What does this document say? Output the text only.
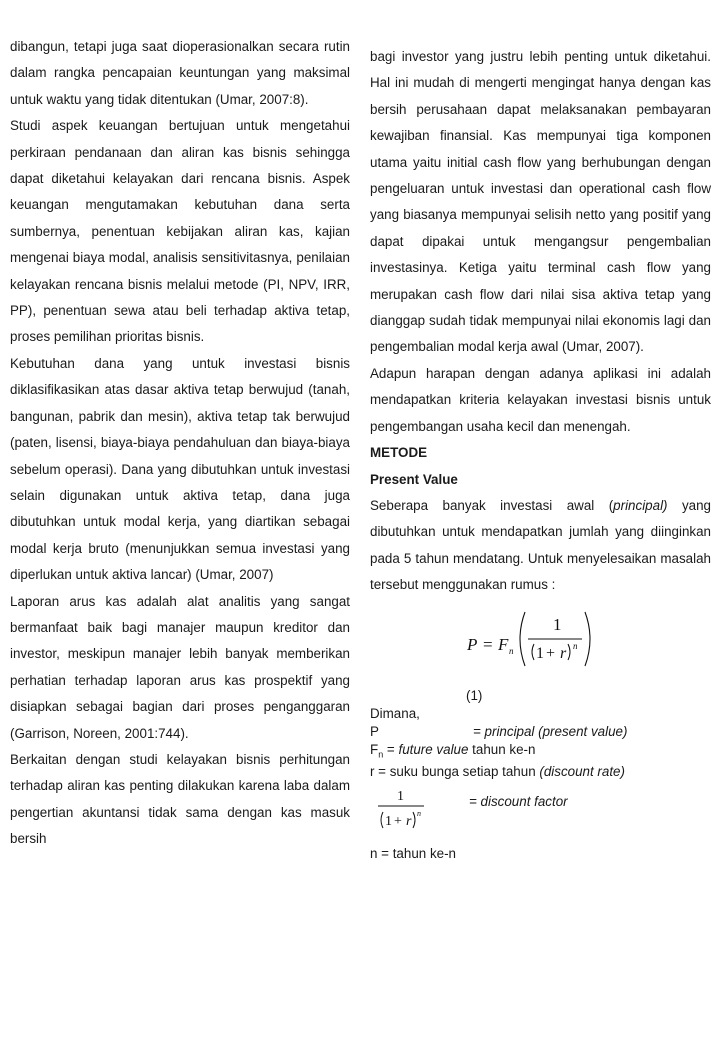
dibangun, tetapi juga saat dioperasionalkan secara rutin dalam rangka pencapaian keuntungan yang maksimal untuk waktu yang tidak ditentukan (Umar, 2007:8).

Studi aspek keuangan bertujuan untuk mengetahui perkiraan pendanaan dan aliran kas bisnis sehingga dapat diketahui kelayakan dari rencana bisnis. Aspek keuangan mengutamakan kebutuhan dana serta sumbernya, penentuan kebijakan aliran kas, kajian mengenai biaya modal, analisis sensitivitasnya, penilaian kelayakan rencana bisnis melalui metode (PI, NPV, IRR, PP), penentuan sewa atau beli terhadap aktiva tetap, proses pemilihan prioritas bisnis.

Kebutuhan dana yang untuk investasi bisnis diklasifikasikan atas dasar aktiva tetap berwujud (tanah, bangunan, pabrik dan mesin), aktiva tetap tak berwujud (paten, lisensi, biaya-biaya pendahuluan dan biaya-biaya sebelum operasi). Dana yang dibutuhkan untuk investasi selain digunakan untuk aktiva tetap, dana juga dibutuhkan untuk modal kerja, yang diartikan sebagai modal kerja bruto (menunjukkan semua investasi yang diperlukan untuk aktiva lancar) (Umar, 2007)

Laporan arus kas adalah alat analitis yang sangat bermanfaat baik bagi manajer maupun kreditor dan investor, meskipun manajer lebih banyak memberikan perhatian terhadap laporan arus kas prospektif yang disiapkan sebagai bagian dari proses penganggaran (Garrison, Noreen, 2001:744).

Berkaitan dengan studi kelayakan bisnis perhitungan terhadap aliran kas penting dilakukan karena laba dalam pengertian akuntansi tidak sama dengan kas masuk bersih

bagi investor yang justru lebih penting untuk diketahui. Hal ini mudah di mengerti mengingat hanya dengan kas bersih perusahaan dapat melaksanakan pembayaran kewajiban finansial. Kas mempunyai tiga komponen utama yaitu initial cash flow yang berhubungan dengan pengeluaran untuk investasi dan operational cash flow yang biasanya mempunyai selisih netto yang positif yang dapat dipakai untuk mengangsur pengembalian investasinya. Ketiga yaitu terminal cash flow yang merupakan cash flow dari nilai sisa aktiva tetap yang dianggap sudah tidak mempunyai nilai ekonomis lagi dan pengembalian modal kerja awal (Umar, 2007).

Adapun harapan dengan adanya aplikasi ini adalah mendapatkan kriteria kelayakan investasi bisnis untuk pengembangan usaha kecil dan menengah.

METODE

Present Value

Seberapa banyak investasi awal (principal) yang dibutuhkan untuk mendapatkan jumlah yang diinginkan pada 5 tahun mendatang. Untuk menyelesaikan masalah tersebut menggunakan rumus :

P = F n
1
1 + r n

(1)

Dimana,

P	= principal (present value)

$F_n$ = future value tahun ke-n

r = suku bunga setiap tahun (discount rate)

1
1 + r
n
= discount factor

n = tahun ke-n
